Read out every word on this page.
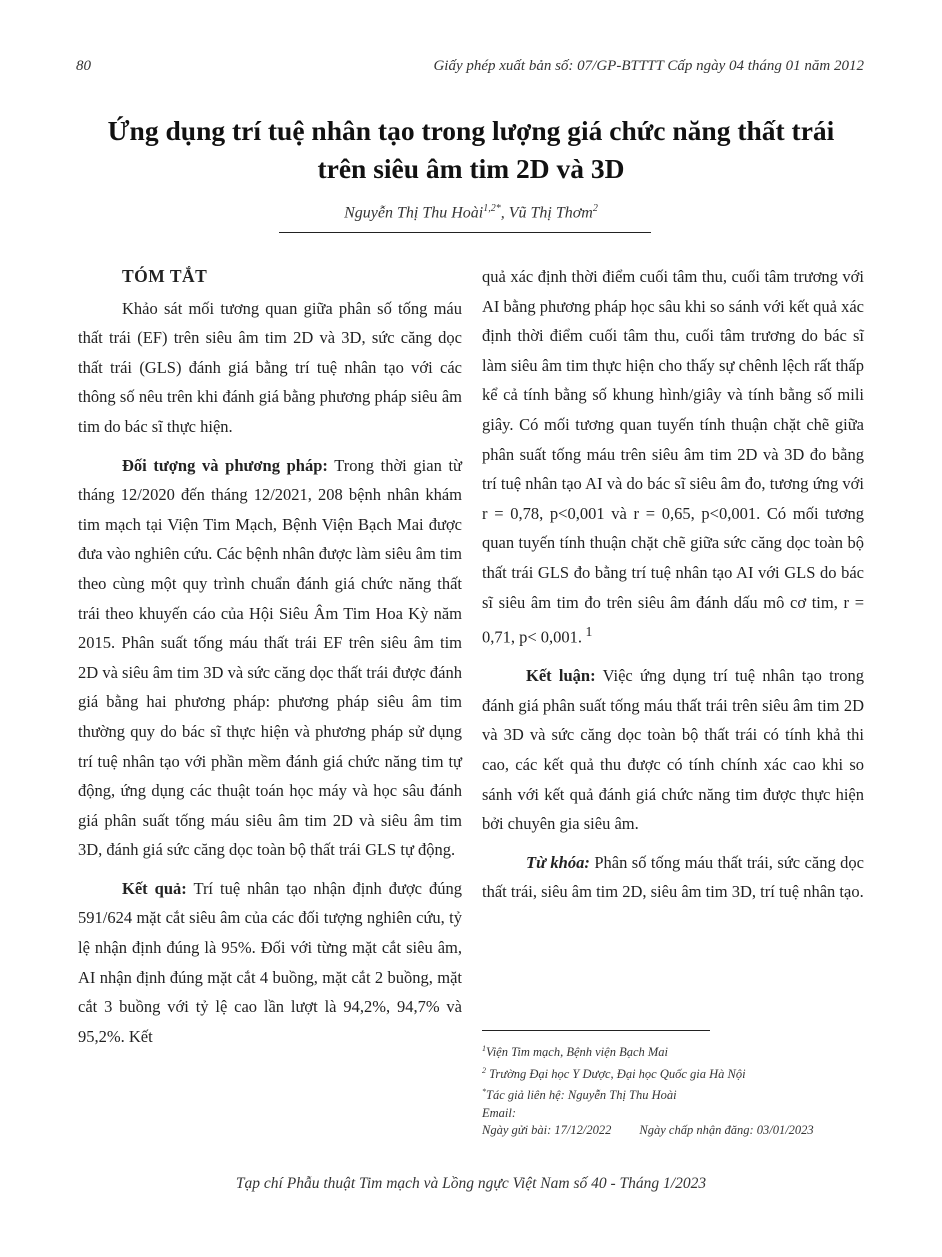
80	Giấy phép xuất bản số: 07/GP-BTTTT Cấp ngày 04 tháng 01 năm 2012
Ứng dụng trí tuệ nhân tạo trong lượng giá chức năng thất trái
trên siêu âm tim 2D và 3D
Nguyễn Thị Thu Hoài$^{1,2*}$, Vũ Thị Thơm$^2$
TÓM TẮT

Khảo sát mối tương quan giữa phân số tống máu thất trái (EF) trên siêu âm tim 2D và 3D, sức căng dọc thất trái (GLS) đánh giá bằng trí tuệ nhân tạo với các thông số nêu trên khi đánh giá bằng phương pháp siêu âm tim do bác sĩ thực hiện.

Đối tượng và phương pháp: Trong thời gian từ tháng 12/2020 đến tháng 12/2021, 208 bệnh nhân khám tim mạch tại Viện Tim Mạch, Bệnh Viện Bạch Mai được đưa vào nghiên cứu. Các bệnh nhân được làm siêu âm tim theo cùng một quy trình chuẩn đánh giá chức năng thất trái theo khuyến cáo của Hội Siêu Âm Tim Hoa Kỳ năm 2015. Phân suất tống máu thất trái EF trên siêu âm tim 2D và siêu âm tim 3D và sức căng dọc thất trái được đánh giá bằng hai phương pháp: phương pháp siêu âm tim thường quy do bác sĩ thực hiện và phương pháp sử dụng trí tuệ nhân tạo với phần mềm đánh giá chức năng tim tự động, ứng dụng các thuật toán học máy và học sâu đánh giá phân suất tống máu siêu âm tim 2D và siêu âm tim 3D, đánh giá sức căng dọc toàn bộ thất trái GLS tự động.

Kết quả: Trí tuệ nhân tạo nhận định được đúng 591/624 mặt cắt siêu âm của các đối tượng nghiên cứu, tỷ lệ nhận định đúng là 95%. Đối với từng mặt cắt siêu âm, AI nhận định đúng mặt cắt 4 buồng, mặt cắt 2 buồng, mặt cắt 3 buồng với tỷ lệ cao lần lượt là 94,2%, 94,7% và 95,2%. Kết

quả xác định thời điểm cuối tâm thu, cuối tâm trương với AI bằng phương pháp học sâu khi so sánh với kết quả xác định thời điểm cuối tâm thu, cuối tâm trương do bác sĩ làm siêu âm tim thực hiện cho thấy sự chênh lệch rất thấp kể cả tính bằng số khung hình/giây và tính bằng số mili giây. Có mối tương quan tuyến tính thuận chặt chẽ giữa phân suất tống máu trên siêu âm tim 2D và 3D đo bằng trí tuệ nhân tạo AI và do bác sĩ siêu âm đo, tương ứng với r = 0,78, p<0,001 và r = 0,65, p<0,001. Có mối tương quan tuyến tính thuận chặt chẽ giữa sức căng dọc toàn bộ thất trái GLS đo bằng trí tuệ nhân tạo AI với GLS do bác sĩ siêu âm tim đo trên siêu âm đánh dấu mô cơ tim, r = 0,71, p< 0,001. $^1$

Kết luận: Việc ứng dụng trí tuệ nhân tạo trong đánh giá phân suất tống máu thất trái trên siêu âm tim 2D và 3D và sức căng dọc toàn bộ thất trái có tính khả thi cao, các kết quả thu được có tính chính xác cao khi so sánh với kết quả đánh giá chức năng tim được thực hiện bởi chuyên gia siêu âm.

Từ khóa: Phân số tống máu thất trái, sức căng dọc thất trái, siêu âm tim 2D, siêu âm tim 3D, trí tuệ nhân tạo.

$^1$Viện Tim mạch, Bệnh viện Bạch Mai
$^2$ Trường Đại học Y Dược, Đại học Quốc gia Hà Nội
*Tác giả liên hệ: Nguyễn Thị Thu Hoài
Email:
Ngày gửi bài: 17/12/2022 Ngày chấp nhận đăng: 03/01/2023
Tạp chí Phẫu thuật Tim mạch và Lồng ngực Việt Nam số 40 - Tháng 1/2023
